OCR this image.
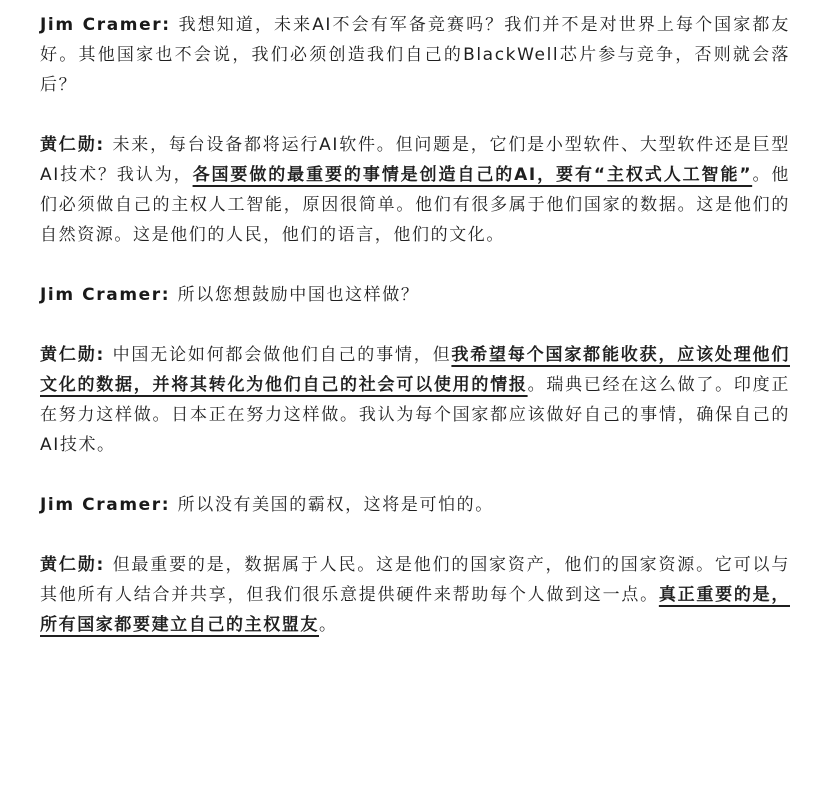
Jim Cramer: 我想知道，未来AI不会有军备竞赛吗？我们并不是对世界上每个国家都友好。其他国家也不会说，我们必须创造我们自己的BlackWell芯片参与竞争，否则就会落后？

黄仁勋: 未来，每台设备都将运行AI软件。但问题是，它们是小型软件、大型软件还是巨型AI技术？我认为，各国要做的最重要的事情是创造自己的AI，要有“主权式人工智能”。他们必须做自己的主权人工智能，原因很简单。他们有很多属于他们国家的数据。这是他们的自然资源。这是他们的人民，他们的语言，他们的文化。

Jim Cramer: 所以您想鼓励中国也这样做？

黄仁勋: 中国无论如何都会做他们自己的事情，但我希望每个国家都能收获，应该处理他们文化的数据，并将其转化为他们自己的社会可以使用的情报。瑞典已经在这么做了。印度正在努力这样做。日本正在努力这样做。我认为每个国家都应该做好自己的事情，确保自己的AI技术。

Jim Cramer: 所以没有美国的霸权，这将是可怕的。

黄仁勋: 但最重要的是，数据属于人民。这是他们的国家资产，他们的国家资源。它可以与其他所有人结合并共享，但我们很乐意提供硬件来帮助每个人做到这一点。真正重要的是，所有国家都要建立自己的主权盟友。
